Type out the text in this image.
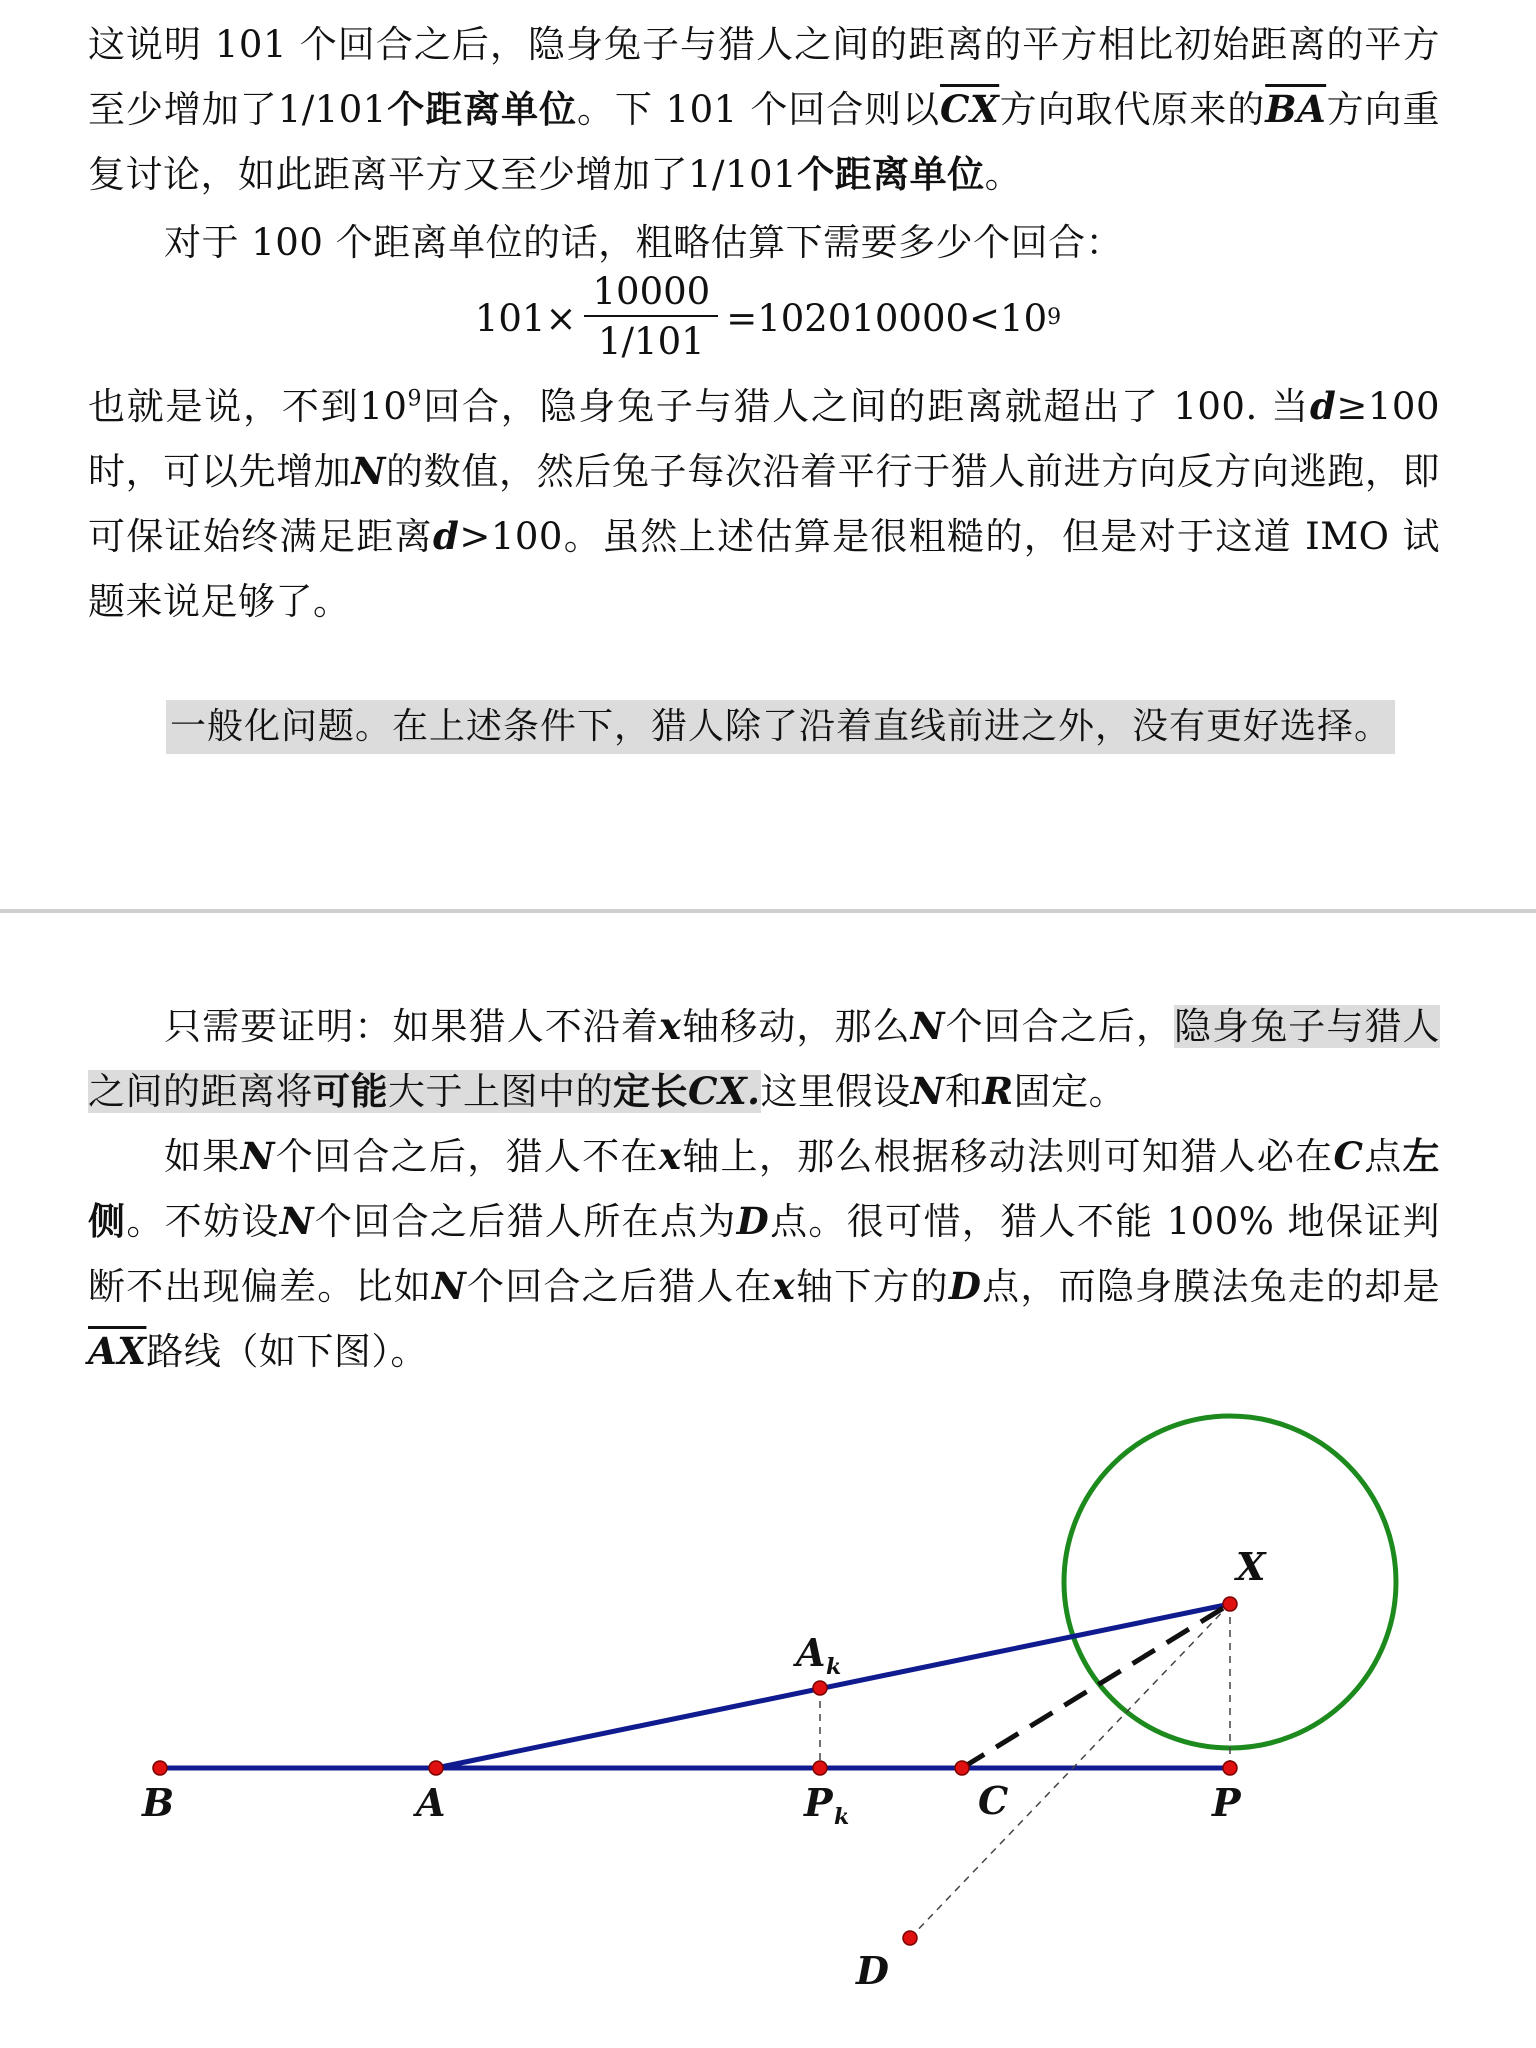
这说明 101 个回合之后，隐身兔子与猎人之间的距离的平方相比初始距离的平方至少增加了1/101个距离单位。下 101 个回合则以$\overline{CX}$方向取代原来的$\overline{BA}$方向重复讨论，如此距离平方又至少增加了1/101个距离单位。

对于 100 个距离单位的话，粗略估算下需要多少个回合：

$101\times \frac{10000}{1/101} =102010000<10$ 9

也就是说，不到$10^9$回合，隐身兔子与猎人之间的距离就超出了 100. 当d≥100时，可以先增加N的数值，然后兔子每次沿着平行于猎人前进方向反方向逃跑，即可保证始终满足距离d>100。虽然上述估算是很粗糙的，但是对于这道 IMO 试题来说足够了。

一般化问题。在上述条件下，猎人除了沿着直线前进之外，没有更好选择。

只需要证明：如果猎人不沿着x轴移动，那么N个回合之后，隐身兔子与猎人之间的距离将可能大于上图中的定长CX.这里假设N和R固定。

如果N个回合之后，猎人不在x轴上，那么根据移动法则可知猎人必在C点左侧。不妨设N个回合之后猎人所在点为D点。很可惜，猎人不能 100% 地保证判断不出现偏差。比如N个回合之后猎人在x轴下方的D点，而隐身膜法兔走的却是$\overline{AX}$路线（如下图）。

B	A
A k
P k	C	P
X
D
